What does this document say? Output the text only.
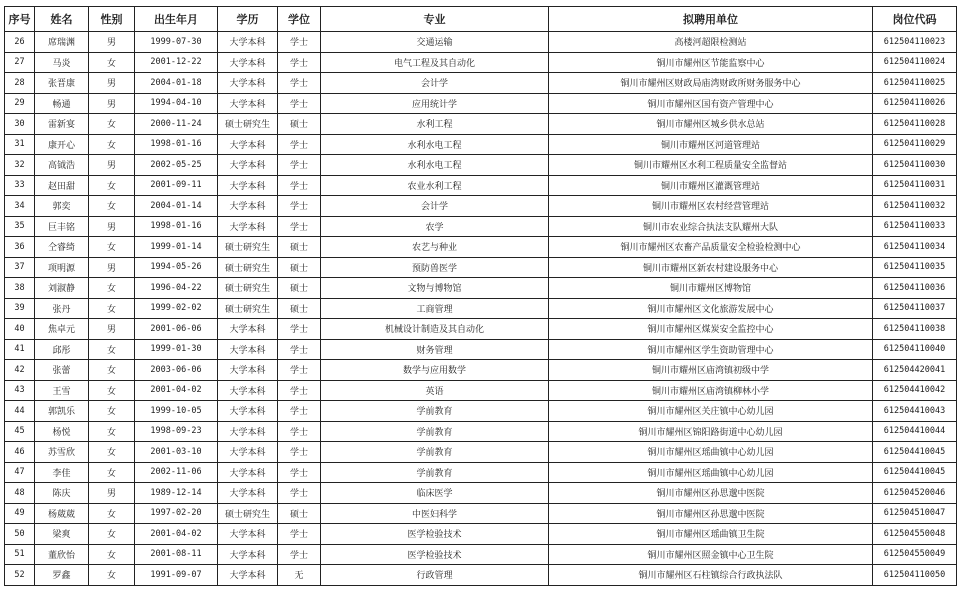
序号	姓名	性别	出生年月	学历	学位	专业	拟聘用单位	岗位代码
26	席瑞渊	男	1999-07-30	大学本科	学士	交通运输	高楼河超限检测站	612504110023
27	马炎	女	2001-12-22	大学本科	学士	电气工程及其自动化	铜川市耀州区节能监察中心	612504110024
28	张晋康	男	2004-01-18	大学本科	学士	会计学	铜川市耀州区财政局庙湾财政所财务服务中心	612504110025
29	畅通	男	1994-04-10	大学本科	学士	应用统计学	铜川市耀州区国有资产管理中心	612504110026
30	雷新宴	女	2000-11-24	硕士研究生	硕士	水利工程	铜川市耀州区城乡供水总站	612504110028
31	康开心	女	1998-01-16	大学本科	学士	水利水电工程	铜川市耀州区河道管理站	612504110029
32	高钺浩	男	2002-05-25	大学本科	学士	水利水电工程	铜川市耀州区水利工程质量安全监督站	612504110030
33	赵田甜	女	2001-09-11	大学本科	学士	农业水利工程	铜川市耀州区灌溉管理站	612504110031
34	郭奕	女	2004-01-14	大学本科	学士	会计学	铜川市耀州区农村经营管理站	612504110032
35	巨丰铭	男	1998-01-16	大学本科	学士	农学	铜川市农业综合执法支队耀州大队	612504110033
36	仝睿绮	女	1999-01-14	硕士研究生	硕士	农艺与种业	铜川市耀州区农畜产品质量安全检验检测中心	612504110034
37	项明源	男	1994-05-26	硕士研究生	硕士	预防兽医学	铜川市耀州区新农村建设服务中心	612504110035
38	刘淑静	女	1996-04-22	硕士研究生	硕士	文物与博物馆	铜川市耀州区博物馆	612504110036
39	张丹	女	1999-02-02	硕士研究生	硕士	工商管理	铜川市耀州区文化旅游发展中心	612504110037
40	焦卓元	男	2001-06-06	大学本科	学士	机械设计制造及其自动化	铜川市耀州区煤炭安全监控中心	612504110038
41	邱彤	女	1999-01-30	大学本科	学士	财务管理	铜川市耀州区学生资助管理中心	612504110040
42	张蕾	女	2003-06-06	大学本科	学士	数学与应用数学	铜川市耀州区庙湾镇初级中学	612504420041
43	王雪	女	2001-04-02	大学本科	学士	英语	铜川市耀州区庙湾镇柳林小学	612504410042
44	郭凯乐	女	1999-10-05	大学本科	学士	学前教育	铜川市耀州区关庄镇中心幼儿园	612504410043
45	杨悦	女	1998-09-23	大学本科	学士	学前教育	铜川市耀州区锦阳路街道中心幼儿园	612504410044
46	苏雪欣	女	2001-03-10	大学本科	学士	学前教育	铜川市耀州区瑶曲镇中心幼儿园	612504410045
47	李佳	女	2002-11-06	大学本科	学士	学前教育	铜川市耀州区瑶曲镇中心幼儿园	612504410045
48	陈庆	男	1989-12-14	大学本科	学士	临床医学	铜川市耀州区孙思邈中医院	612504520046
49	杨葳葳	女	1997-02-20	硕士研究生	硕士	中医妇科学	铜川市耀州区孙思邈中医院	612504510047
50	梁爽	女	2001-04-02	大学本科	学士	医学检验技术	铜川市耀州区瑶曲镇卫生院	612504550048
51	董欣怡	女	2001-08-11	大学本科	学士	医学检验技术	铜川市耀州区照金镇中心卫生院	612504550049
52	罗鑫	女	1991-09-07	大学本科	无	行政管理	铜川市耀州区石柱镇综合行政执法队	612504110050
